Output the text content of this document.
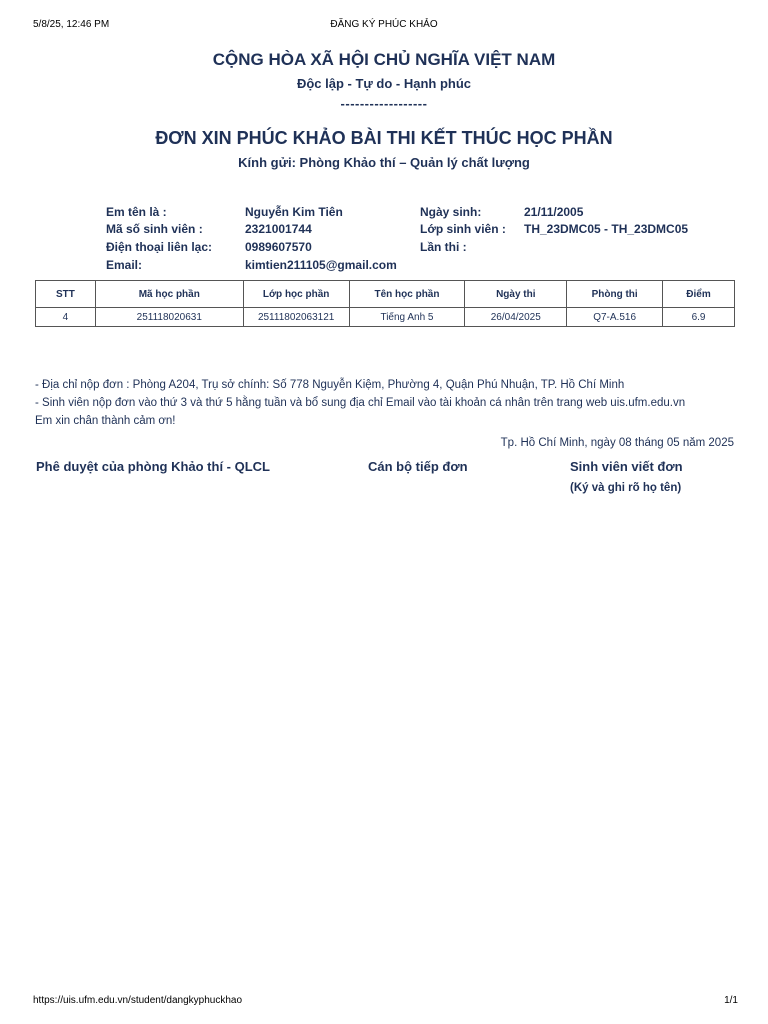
5/8/25, 12:46 PM	ĐĂNG KÝ PHÚC KHẢO
CỘNG HÒA XÃ HỘI CHỦ NGHĨA VIỆT NAM
Độc lập - Tự do - Hạnh phúc
------------------
ĐƠN XIN PHÚC KHẢO BÀI THI KẾT THÚC HỌC PHẦN
Kính gửi: Phòng Khảo thí – Quản lý chất lượng
Em tên là :	Nguyễn Kim Tiên	Ngày sinh:	21/11/2005
Mã số sinh viên :	2321001744	Lớp sinh viên : TH_23DMC05 - TH_23DMC05
Điện thoại liên lạc:	0989607570	Lần thi :
Email:	kimtien211105@gmail.com
STT	Mã học phần	Lớp học phần	Tên học phần	Ngày thi	Phòng thi	Điểm
4	251118020631	25111802063121	Tiếng Anh 5	26/04/2025	Q7-A.516	6.9
- Địa chỉ nộp đơn : Phòng A204, Trụ sở chính: Số 778 Nguyễn Kiệm, Phường 4, Quận Phú Nhuận, TP. Hồ Chí Minh
- Sinh viên nộp đơn vào thứ 3 và thứ 5 hằng tuần và bổ sung địa chỉ Email vào tài khoản cá nhân trên trang web uis.ufm.edu.vn
Em xin chân thành cảm ơn!
Tp. Hồ Chí Minh, ngày 08 tháng 05 năm 2025
Phê duyệt của phòng Khảo thí - QLCL	Cán bộ tiếp đơn	Sinh viên viết đơn
(Ký và ghi rõ họ tên)
https://uis.ufm.edu.vn/student/dangkyphuckhao	1/1
